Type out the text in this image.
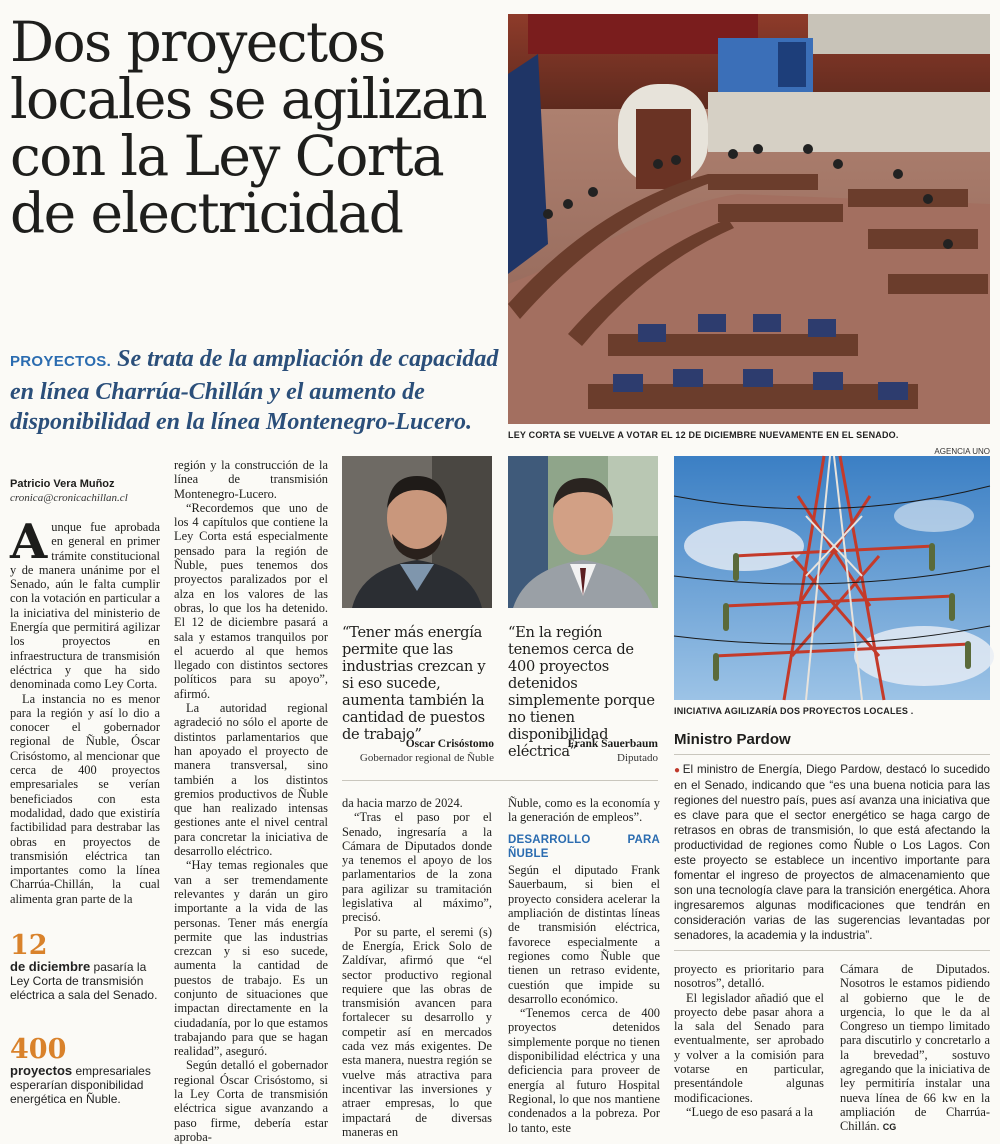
Dos proyectos locales se agilizan con la Ley Corta de electricidad
PROYECTOS. Se trata de la ampliación de capacidad en línea Charrúa-Chillán y el aumento de disponibilidad en la línea Montenegro-Lucero.	LEY CORTA SE VUELVE A VOTAR EL 12 DE DICIEMBRE NUEVAMENTE EN EL SENADO.
AGENCIA UNO
Patricio Vera Muñoz
cronica@cronicachillan.cl

Aunque fue aprobada en general en primer trámite constitucional y de manera unánime por el Senado, aún le falta cumplir con la votación en particular a la iniciativa del ministerio de Energía que permitirá agilizar los proyectos en infraestructura de transmisión eléctrica y que ha sido denominada como Ley Corta.

La instancia no es menor para la región y así lo dio a conocer el gobernador regional de Ñuble, Óscar Crisóstomo, al mencionar que cerca de 400 proyectos empresariales se verían beneficiados con esta modalidad, dado que existiría factibilidad para destrabar las obras en proyectos de transmisión eléctrica tan importantes como la línea Charrúa-Chillán, la cual alimenta gran parte de la

12
de diciembre pasaría la Ley Corta de transmisión eléctrica a sala del Senado.
400
proyectos empresariales esperarían disponibilidad energética en Ñuble.

región y la construcción de la línea de transmisión Montenegro-Lucero.

“Recordemos que uno de los 4 capítulos que contiene la Ley Corta está especialmente pensado para la región de Ñuble, pues tenemos dos proyectos paralizados por el alza en los valores de las obras, lo que los ha detenido. El 12 de diciembre pasará a sala y estamos tranquilos por el acuerdo al que hemos llegado con distintos sectores políticos para su apoyo”, afirmó.

La autoridad regional agradeció no sólo el aporte de distintos parlamentarios que han apoyado el proyecto de manera transversal, sino también a los distintos gremios productivos de Ñuble que han realizado intensas gestiones ante el nivel central para concretar la iniciativa de desarrollo eléctrico.

“Hay temas regionales que van a ser tremendamente relevantes y darán un giro importante a la vida de las personas. Tener más energía permite que las industrias crezcan y si eso sucede, aumenta la cantidad de puestos de trabajo. Es un conjunto de situaciones que impactan directamente en la ciudadanía, por lo que estamos trabajando para que se hagan realidad”, aseguró.

Según detalló el gobernador regional Óscar Crisóstomo, si la Ley Corta de transmisión eléctrica sigue avanzando a paso firme, debería estar aproba-

“Tener más energía permite que las industrias crezcan y si eso sucede, aumenta también la cantidad de puestos de trabajo”
Óscar Crisóstomo
Gobernador regional de Ñuble
“En la región tenemos cerca de 400 proyectos detenidos simplemente porque no tienen disponibilidad eléctrica”
Frank Sauerbaum
Diputado

da hacia marzo de 2024.

“Tras el paso por el Senado, ingresaría a la Cámara de Diputados donde ya tenemos el apoyo de los parlamentarios de la zona para agilizar su tramitación legislativa al máximo”, precisó.

Por su parte, el seremi (s) de Energía, Erick Solo de Zaldívar, afirmó que “el sector productivo regional requiere que las obras de transmisión avancen para fortalecer su desarrollo y competir así en mercados cada vez más exigentes. De esta manera, nuestra región se vuelve más atractiva para incentivar las inversiones y atraer empresas, lo que impactará de diversas maneras en

Ñuble, como es la economía y la generación de empleos”.

DESARROLLO PARA ÑUBLE

Según el diputado Frank Sauerbaum, si bien el proyecto considera acelerar la ampliación de distintas líneas de transmisión eléctrica, favorece especialmente a regiones como Ñuble que tienen un retraso evidente, cuestión que impide su desarrollo económico.

“Tenemos cerca de 400 proyectos detenidos simplemente porque no tienen disponibilidad eléctrica y una deficiencia para proveer de energía al futuro Hospital Regional, lo que nos mantiene condenados a la pobreza. Por lo tanto, este

INICIATIVA AGILIZARÍA DOS PROYECTOS LOCALES .
Ministro Pardow
● El ministro de Energía, Diego Pardow, destacó lo sucedido en el Senado, indicando que “es una buena noticia para las regiones del nuestro país, pues así avanza una iniciativa que es clave para que el sector energético se haga cargo de retrasos en obras de transmisión, lo que está afectando la productividad de regiones como Ñuble o Los Lagos. Con este proyecto se establece un incentivo importante para fomentar el ingreso de proyectos de almacenamiento que son una tecnología clave para la transición energética. Ahora ingresaremos algunas modificaciones que tendrán en consideración varias de las sugerencias levantadas por senadores, la academia y la industria”.

proyecto es prioritario para nosotros”, detalló.

El legislador añadió que el proyecto debe pasar ahora a la sala del Senado para eventualmente, ser aprobado y volver a la comisión para votarse en particular, presentándole algunas modificaciones.

“Luego de eso pasará a la

Cámara de Diputados. Nosotros le estamos pidiendo al gobierno que le de urgencia, lo que le da al Congreso un tiempo limitado para discutirlo y concretarlo a la brevedad”, sostuvo agregando que la iniciativa de ley permitiría instalar una nueva línea de 66 kw en la ampliación de Charrúa-Chillán. CG
